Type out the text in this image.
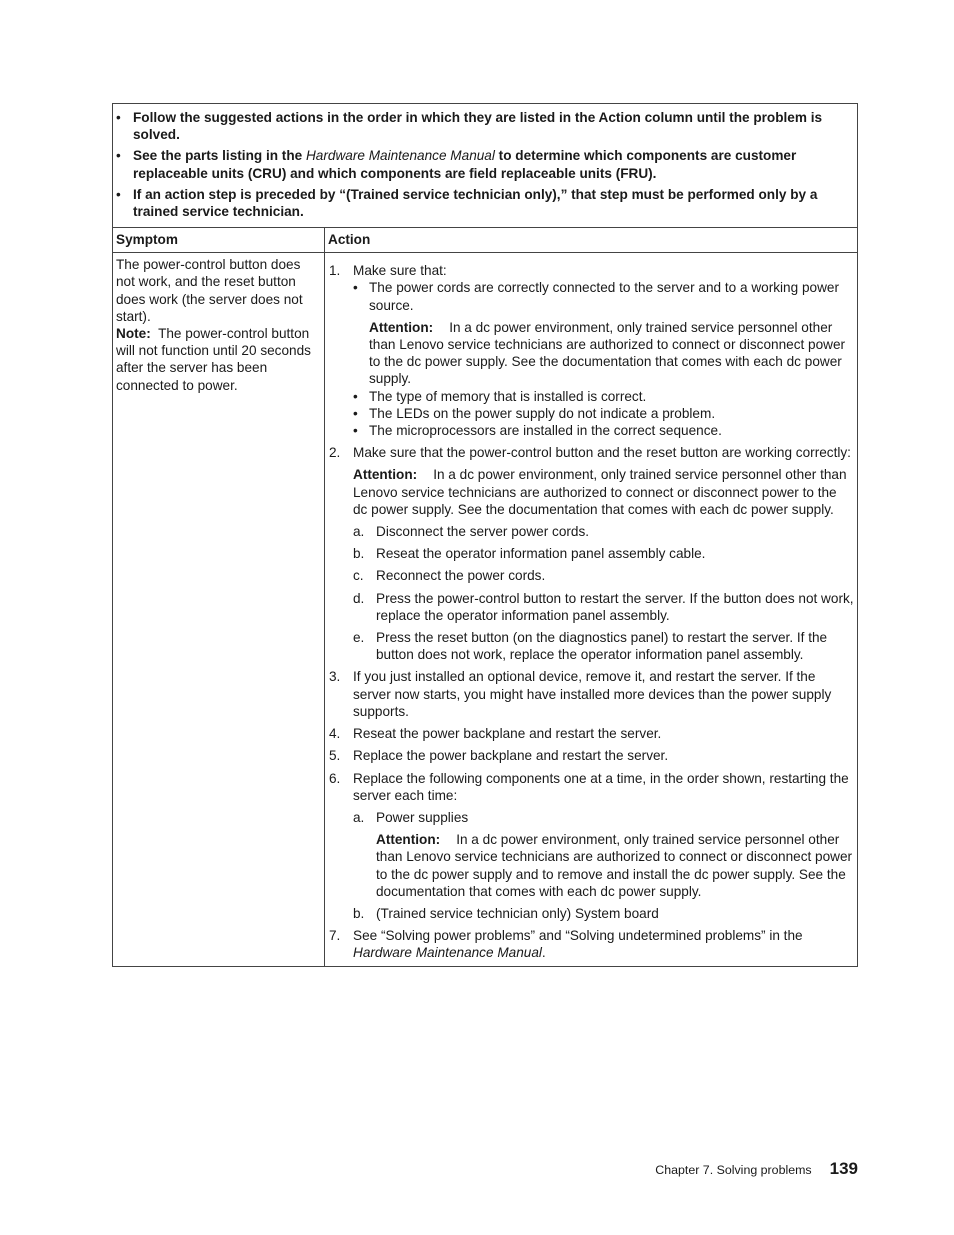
• Follow the suggested actions in the order in which they are listed in the Action column until the problem is solved.
• See the parts listing in the Hardware Maintenance Manual to determine which components are customer replaceable units (CRU) and which components are field replaceable units (FRU).
• If an action step is preceded by “(Trained service technician only),” that step must be performed only by a trained service technician.
Symptom
The power-control button does not work, and the reset button does work (the server does not start).
Note: The power-control button will not function until 20 seconds after the server has been connected to power.
Action
1. Make sure that:
• The power cords are correctly connected to the server and to a working power source.
Attention: In a dc power environment, only trained service personnel other than Lenovo service technicians are authorized to connect or disconnect power to the dc power supply. See the documentation that comes with each dc power supply.
• The type of memory that is installed is correct.
• The LEDs on the power supply do not indicate a problem.
• The microprocessors are installed in the correct sequence.
2. Make sure that the power-control button and the reset button are working correctly:
Attention: In a dc power environment, only trained service personnel other than Lenovo service technicians are authorized to connect or disconnect power to the dc power supply. See the documentation that comes with each dc power supply.
a. Disconnect the server power cords.
b. Reseat the operator information panel assembly cable.
c. Reconnect the power cords.
d. Press the power-control button to restart the server. If the button does not work, replace the operator information panel assembly.
e. Press the reset button (on the diagnostics panel) to restart the server. If the button does not work, replace the operator information panel assembly.
3. If you just installed an optional device, remove it, and restart the server. If the server now starts, you might have installed more devices than the power supply supports.
4. Reseat the power backplane and restart the server.
5. Replace the power backplane and restart the server.
6. Replace the following components one at a time, in the order shown, restarting the server each time:
a. Power supplies
Attention: In a dc power environment, only trained service personnel other than Lenovo service technicians are authorized to connect or disconnect power to the dc power supply and to remove and install the dc power supply. See the documentation that comes with each dc power supply.
b. (Trained service technician only) System board
7. See “Solving power problems” and “Solving undetermined problems” in the Hardware Maintenance Manual.
Chapter 7. Solving problems 139
